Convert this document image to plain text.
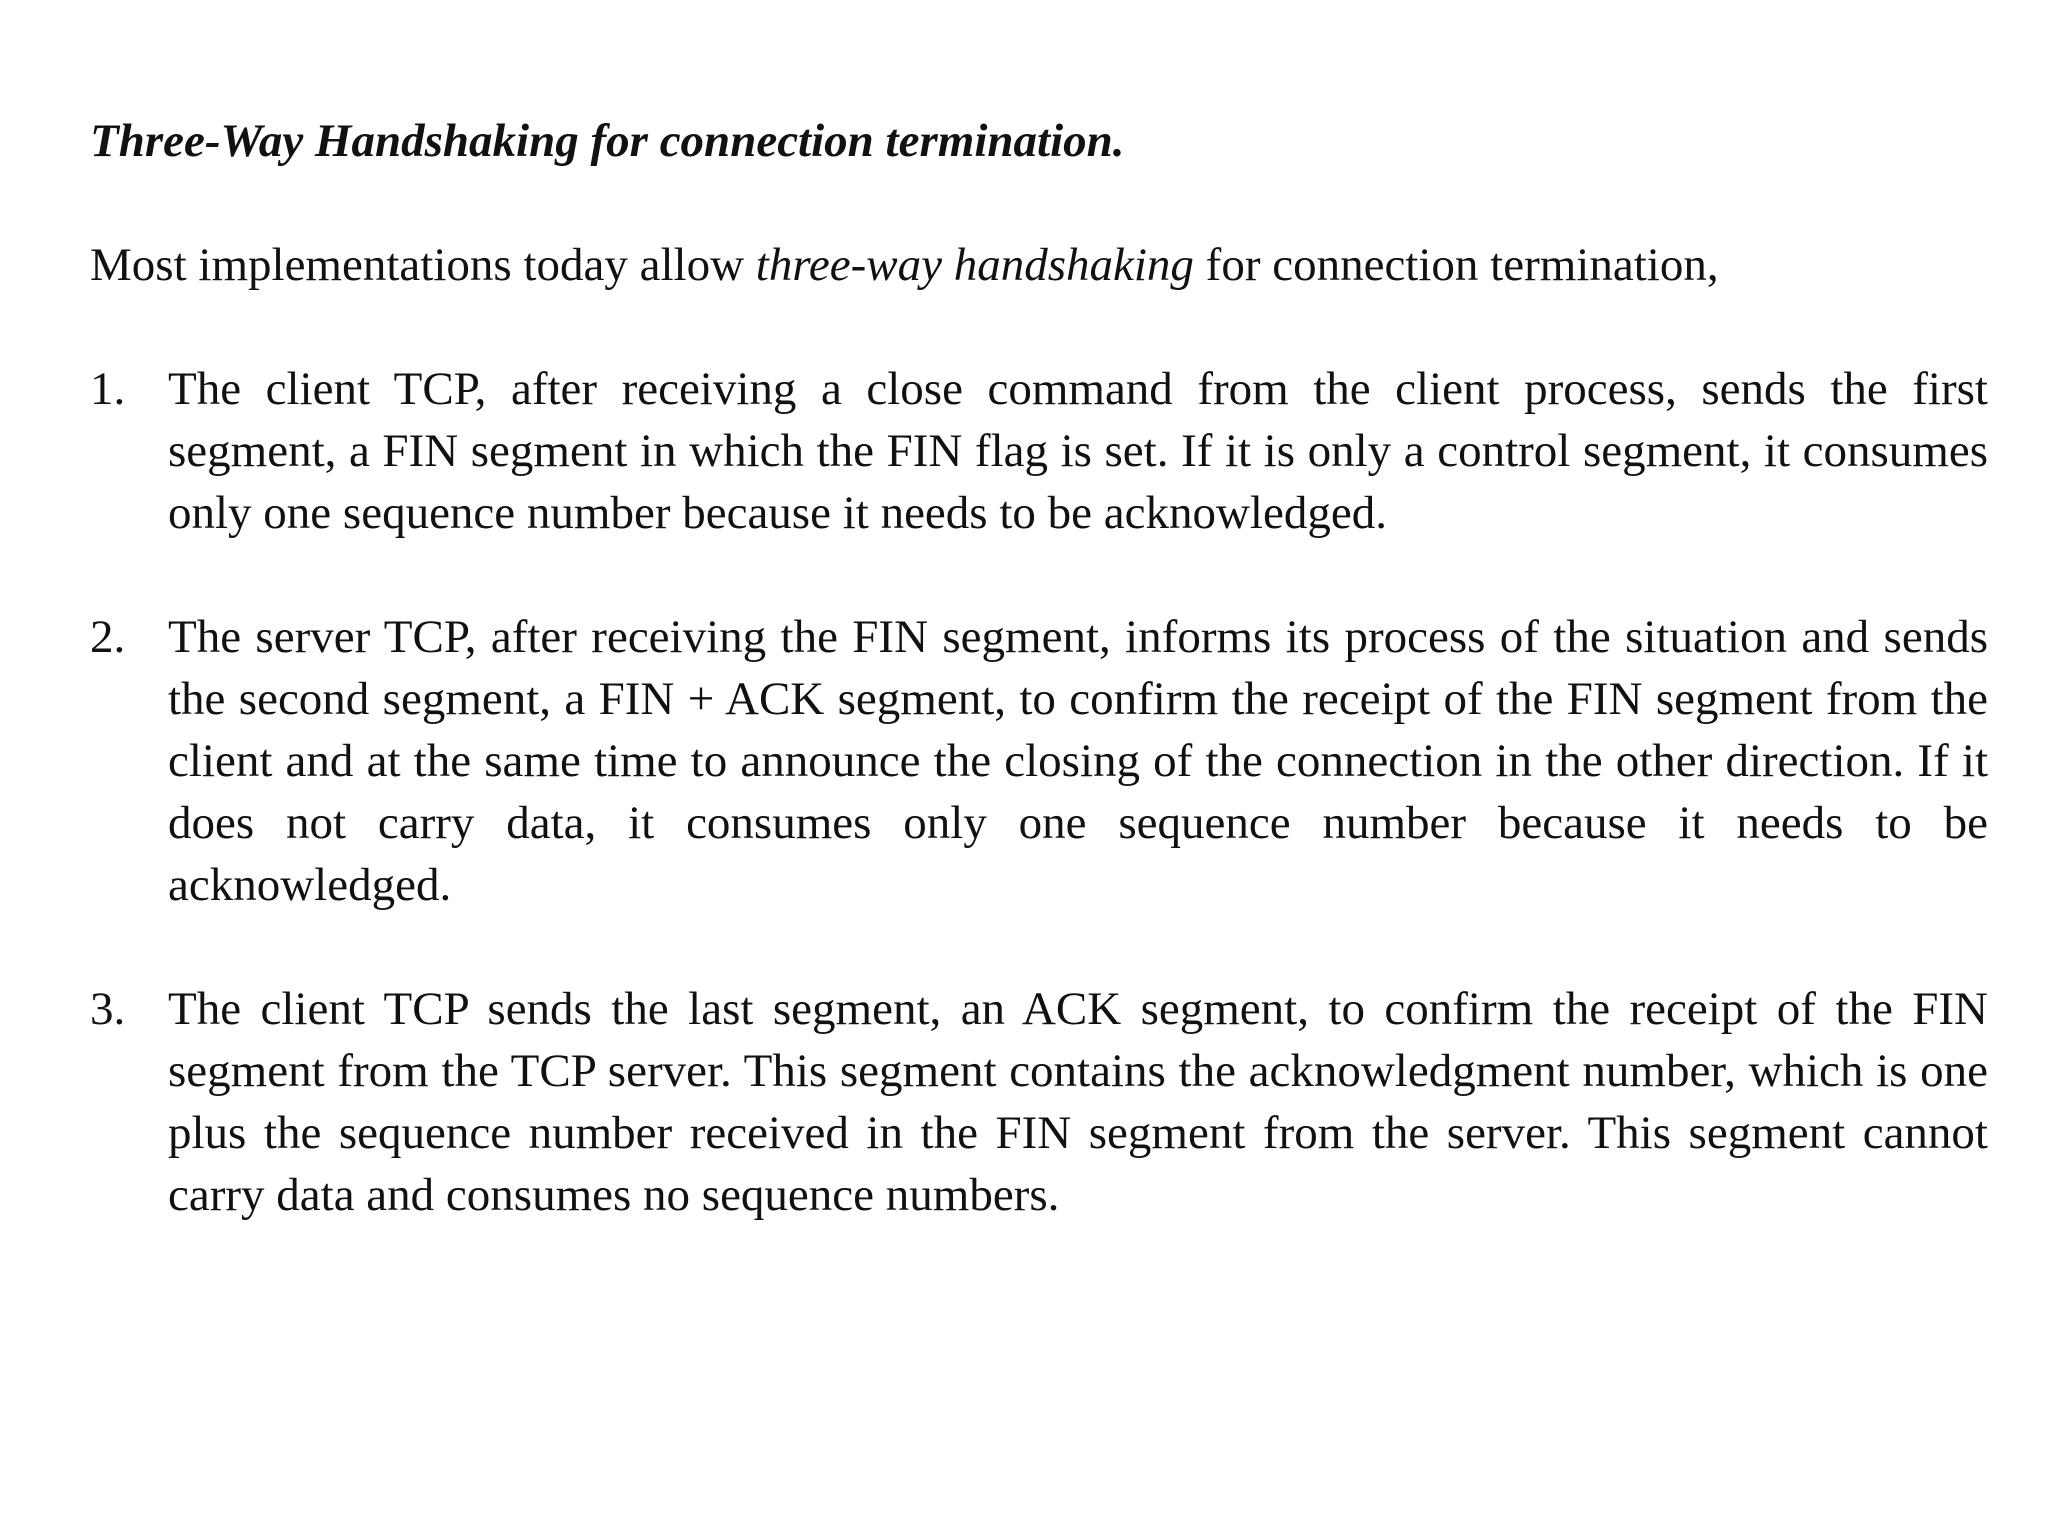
Three-Way Handshaking for connection termination.

Most implementations today allow three-way handshaking for connection termination,

1. The client TCP, after receiving a close command from the client process, sends the first segment, a FIN segment in which the FIN flag is set. If it is only a control segment, it consumes only one sequence number because it needs to be acknowledged.
2. The server TCP, after receiving the FIN segment, informs its process of the situation and sends the second segment, a FIN + ACK segment, to confirm the receipt of the FIN segment from the client and at the same time to announce the closing of the connection in the other direction. If it does not carry data, it consumes only one sequence number because it needs to be acknowledged.
3. The client TCP sends the last segment, an ACK segment, to confirm the receipt of the FIN segment from the TCP server. This segment contains the acknowledgment number, which is one plus the sequence number received in the FIN segment from the server. This segment cannot carry data and consumes no sequence numbers.
